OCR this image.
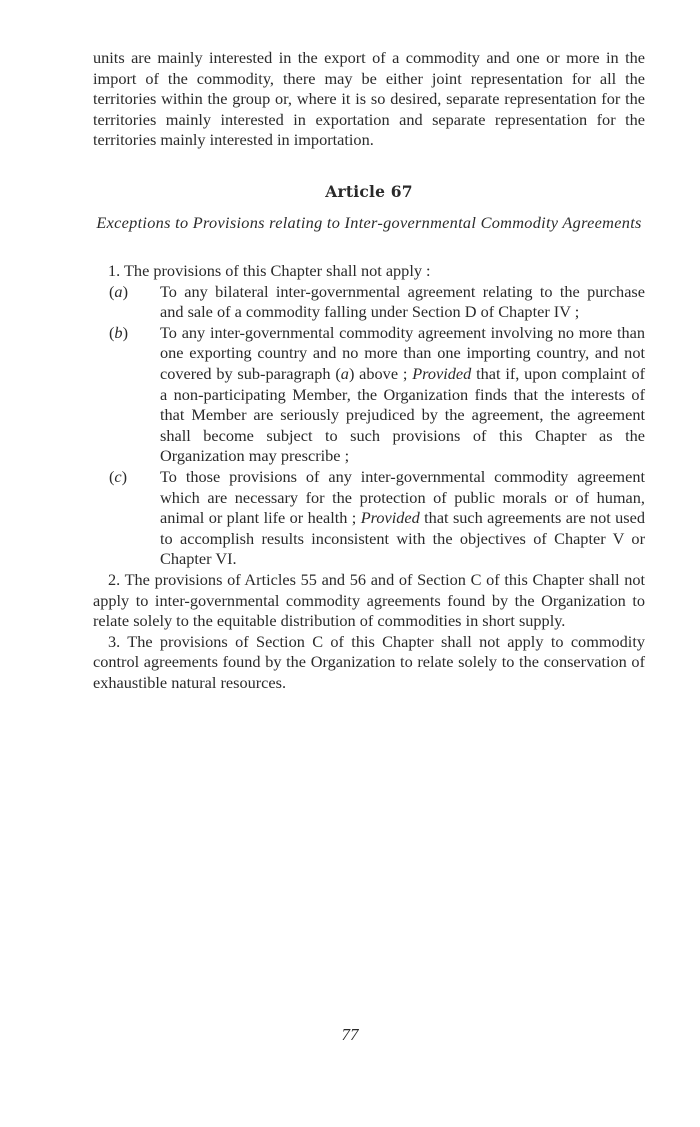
units are mainly interested in the export of a commodity and one or more in the import of the commodity, there may be either joint representation for all the territories within the group or, where it is so desired, separate representation for the territories mainly interested in exportation and separate representation for the territories mainly interested in importation.

Article 67
Exceptions to Provisions relating to Inter-governmental Commodity Agreements

1. The provisions of this Chapter shall not apply :

(a) To any bilateral inter-governmental agreement relating to the purchase and sale of a commodity falling under Section D of Chapter IV ;
(b) To any inter-governmental commodity agreement involving no more than one exporting country and no more than one importing country, and not covered by sub-paragraph (a) above ; Provided that if, upon complaint of a non-participating Member, the Organization finds that the interests of that Member are seriously prejudiced by the agreement, the agreement shall become subject to such provisions of this Chapter as the Organization may prescribe ;
(c) To those provisions of any inter-governmental commodity agreement which are necessary for the protection of public morals or of human, animal or plant life or health ; Provided that such agreements are not used to accomplish results inconsistent with the objectives of Chapter V or Chapter VI.

2. The provisions of Articles 55 and 56 and of Section C of this Chapter shall not apply to inter-governmental commodity agreements found by the Organization to relate solely to the equitable distribution of commodities in short supply.

3. The provisions of Section C of this Chapter shall not apply to commodity control agreements found by the Organization to relate solely to the conservation of exhaustible natural resources.

77
